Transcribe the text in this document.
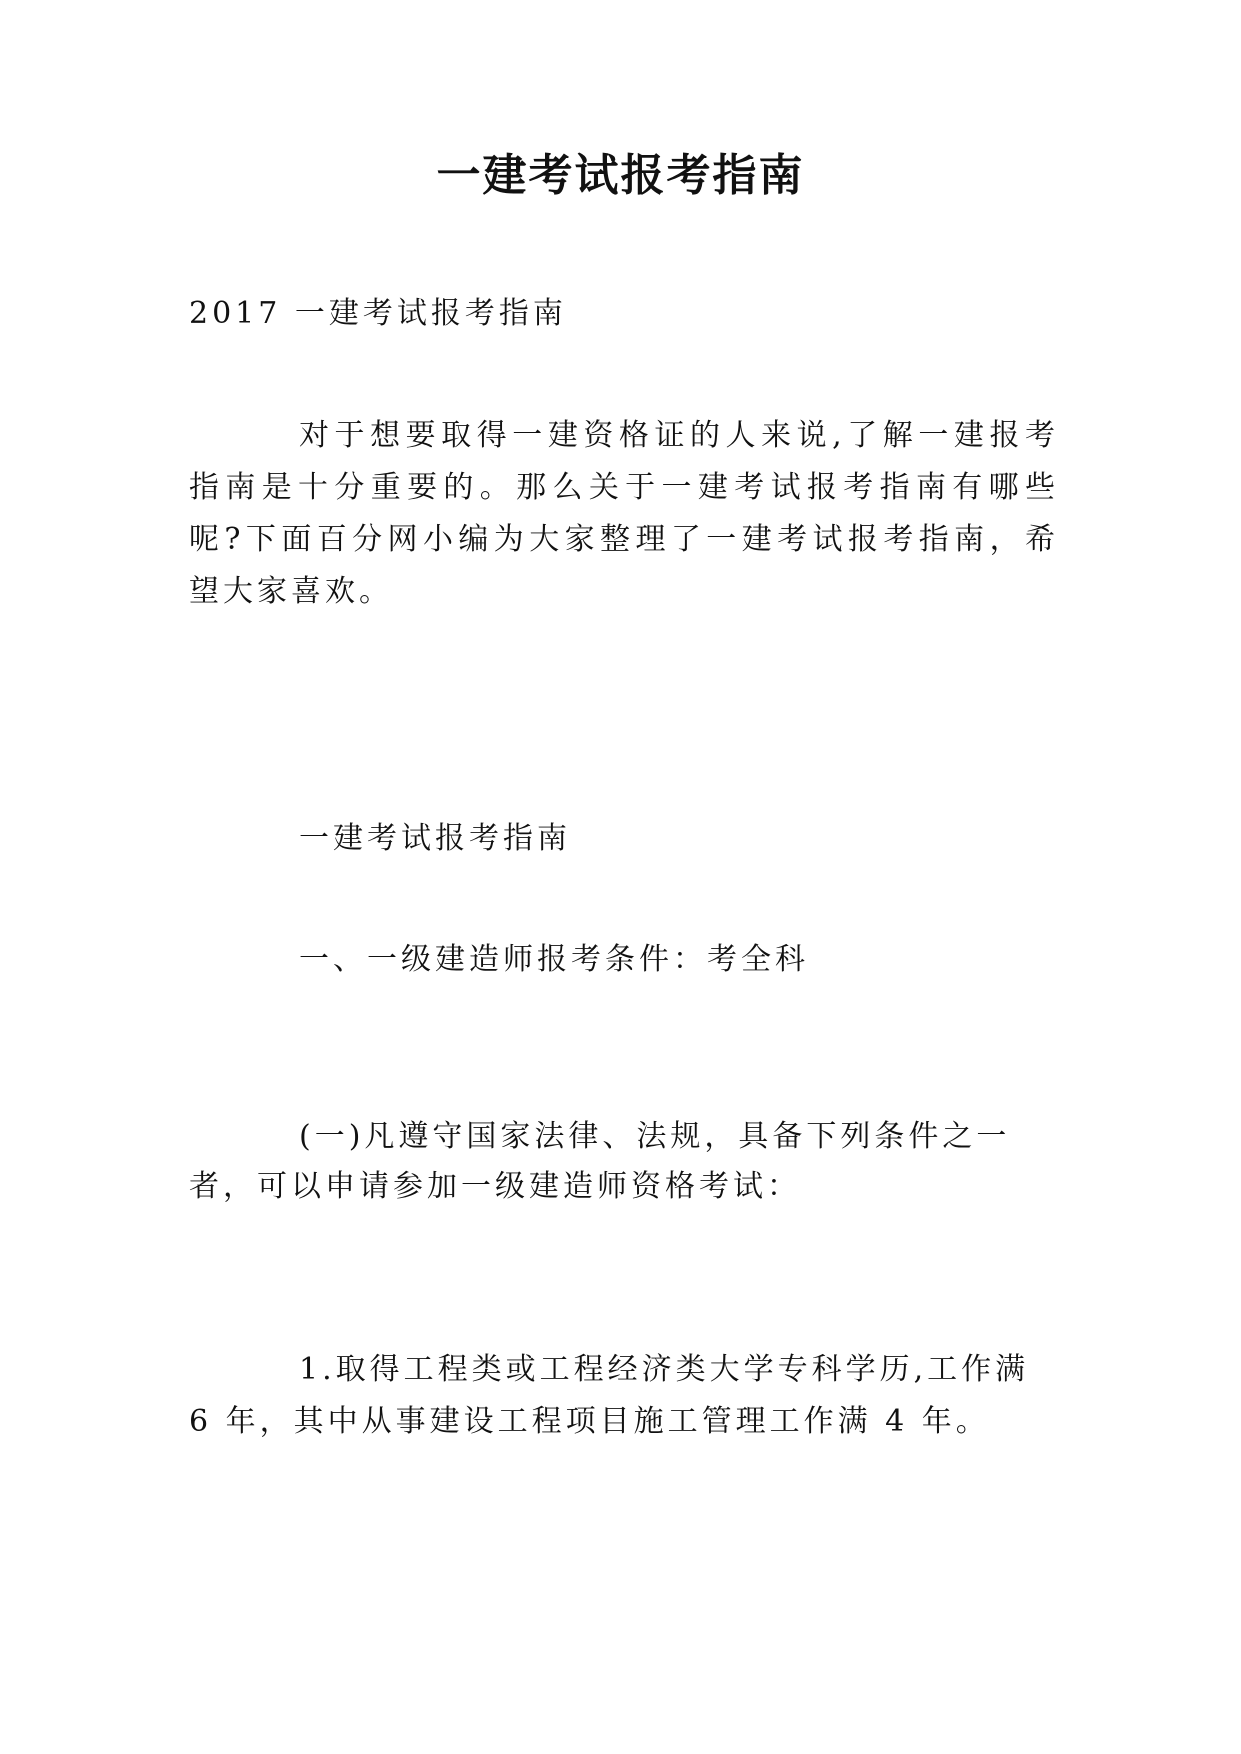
一建考试报考指南
2017 一建考试报考指南
对于想要取得一建资格证的人来说,了解一建报考指南是十分重要的。那么关于一建考试报考指南有哪些呢?下面百分网小编为大家整理了一建考试报考指南，希望大家喜欢。
一建考试报考指南
一、一级建造师报考条件：考全科
(一)凡遵守国家法律、法规，具备下列条件之一者，可以申请参加一级建造师资格考试：
1.取得工程类或工程经济类大学专科学历,工作满 6 年，其中从事建设工程项目施工管理工作满 4 年。
